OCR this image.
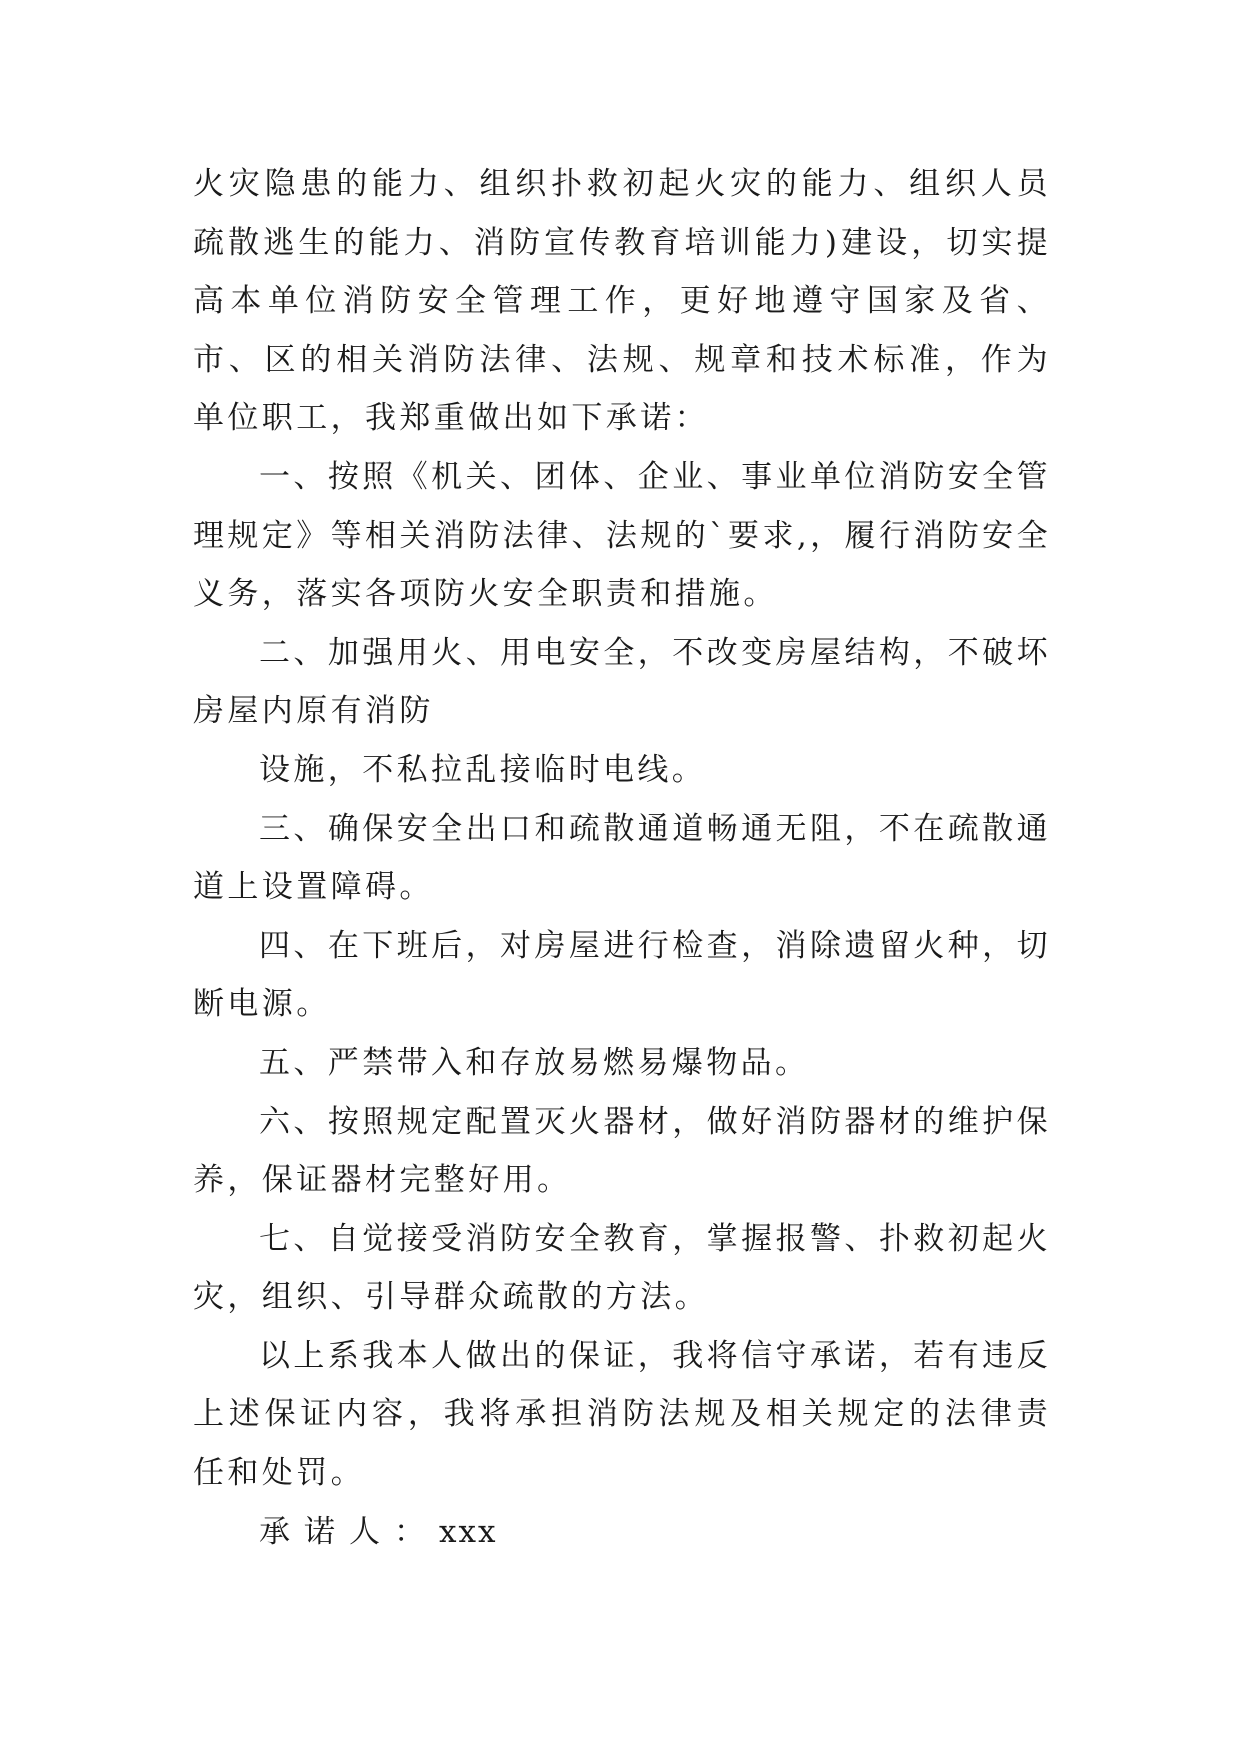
火灾隐患的能力、组织扑救初起火灾的能力、组织人员疏散逃生的能力、消防宣传教育培训能力)建设，切实提高本单位消防安全管理工作，更好地遵守国家及省、市、区的相关消防法律、法规、规章和技术标准，作为单位职工，我郑重做出如下承诺：

一、按照《机关、团体、企业、事业单位消防安全管理规定》等相关消防法律、法规的`要求,，履行消防安全义务，落实各项防火安全职责和措施。

二、加强用火、用电安全，不改变房屋结构，不破坏房屋内原有消防

设施，不私拉乱接临时电线。

三、确保安全出口和疏散通道畅通无阻，不在疏散通道上设置障碍。

四、在下班后，对房屋进行检查，消除遗留火种，切断电源。

五、严禁带入和存放易燃易爆物品。

六、按照规定配置灭火器材，做好消防器材的维护保养，保证器材完整好用。

七、自觉接受消防安全教育，掌握报警、扑救初起火灾，组织、引导群众疏散的方法。

以上系我本人做出的保证，我将信守承诺，若有违反上述保证内容，我将承担消防法规及相关规定的法律责任和处罚。

承诺人：xxx
